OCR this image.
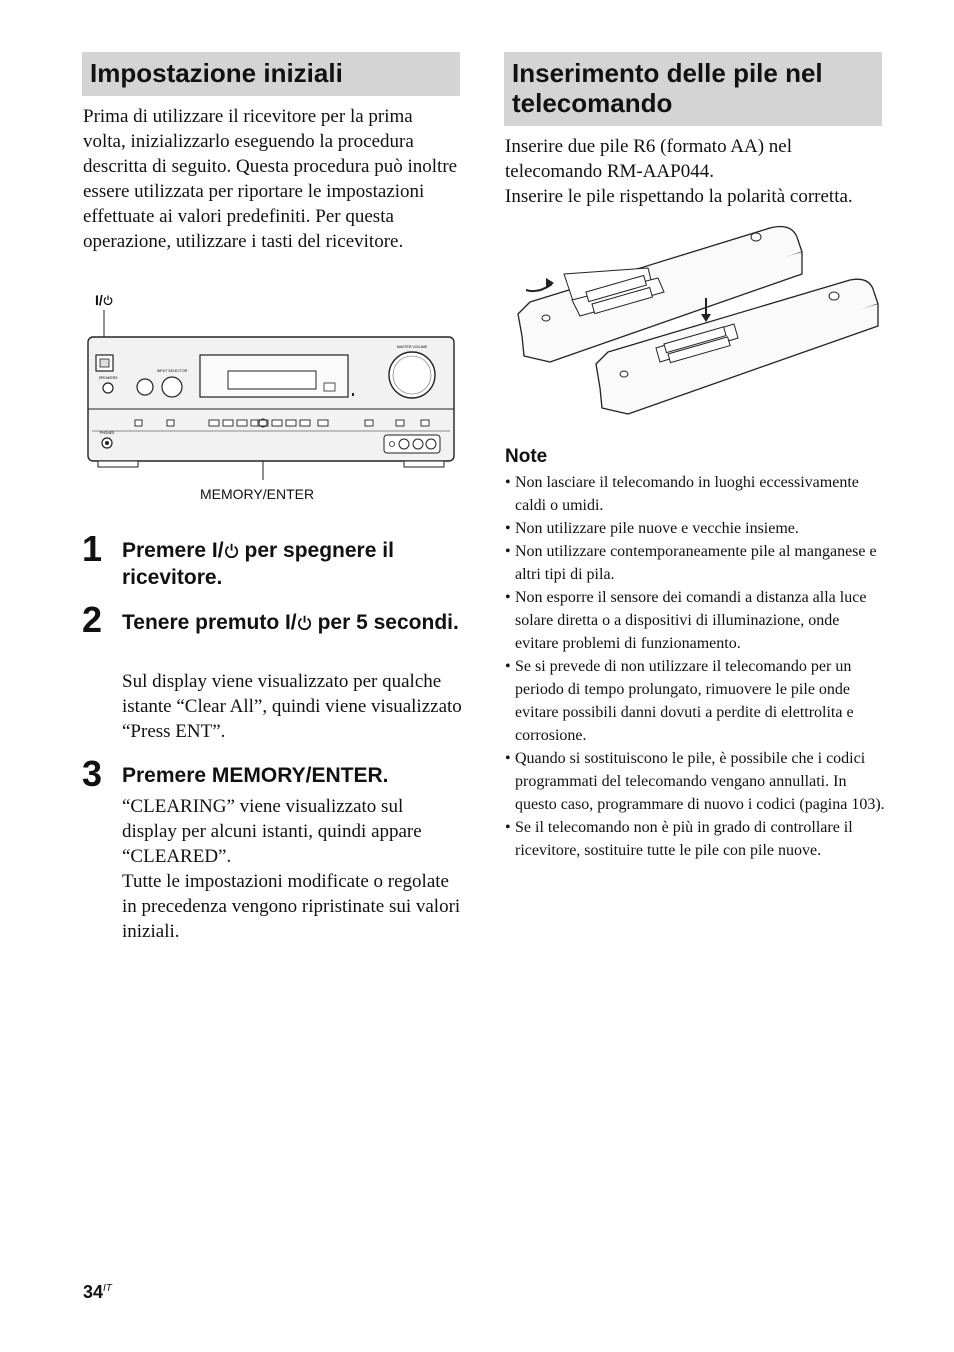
Impostazione iniziali
Prima di utilizzare il ricevitore per la prima volta, inizializzarlo eseguendo la procedura descritta di seguito. Questa procedura può inoltre essere utilizzata per riportare le impostazioni effettuate ai valori predefiniti. Per questa operazione, utilizzare i tasti del ricevitore.
I/
SPEAKERS
INPUT SELECTOR
MASTER VOLUME
PHONES
MEMORY/ENTER
1 Premere I/ per spegnere il ricevitore.
2 Tenere premuto I/ per 5 secondi.
Sul display viene visualizzato per qualche istante “Clear All”, quindi viene visualizzato “Press ENT”.
3 Premere MEMORY/ENTER.
“CLEARING” viene visualizzato sul display per alcuni istanti, quindi appare “CLEARED”.
Tutte le impostazioni modificate o regolate in precedenza vengono ripristinate sui valori iniziali.
Inserimento delle pile nel telecomando
Inserire due pile R6 (formato AA) nel telecomando RM-AAP044.
Inserire le pile rispettando la polarità corretta.
Note
• Non lasciare il telecomando in luoghi eccessivamente caldi o umidi.
• Non utilizzare pile nuove e vecchie insieme.
• Non utilizzare contemporaneamente pile al manganese e altri tipi di pila.
• Non esporre il sensore dei comandi a distanza alla luce solare diretta o a dispositivi di illuminazione, onde evitare problemi di funzionamento.
• Se si prevede di non utilizzare il telecomando per un periodo di tempo prolungato, rimuovere le pile onde evitare possibili danni dovuti a perdite di elettrolita e corrosione.
• Quando si sostituiscono le pile, è possibile che i codici programmati del telecomando vengano annullati. In questo caso, programmare di nuovo i codici (pagina 103).
• Se il telecomando non è più in grado di controllare il ricevitore, sostituire tutte le pile con pile nuove.
$34^{IT}$
